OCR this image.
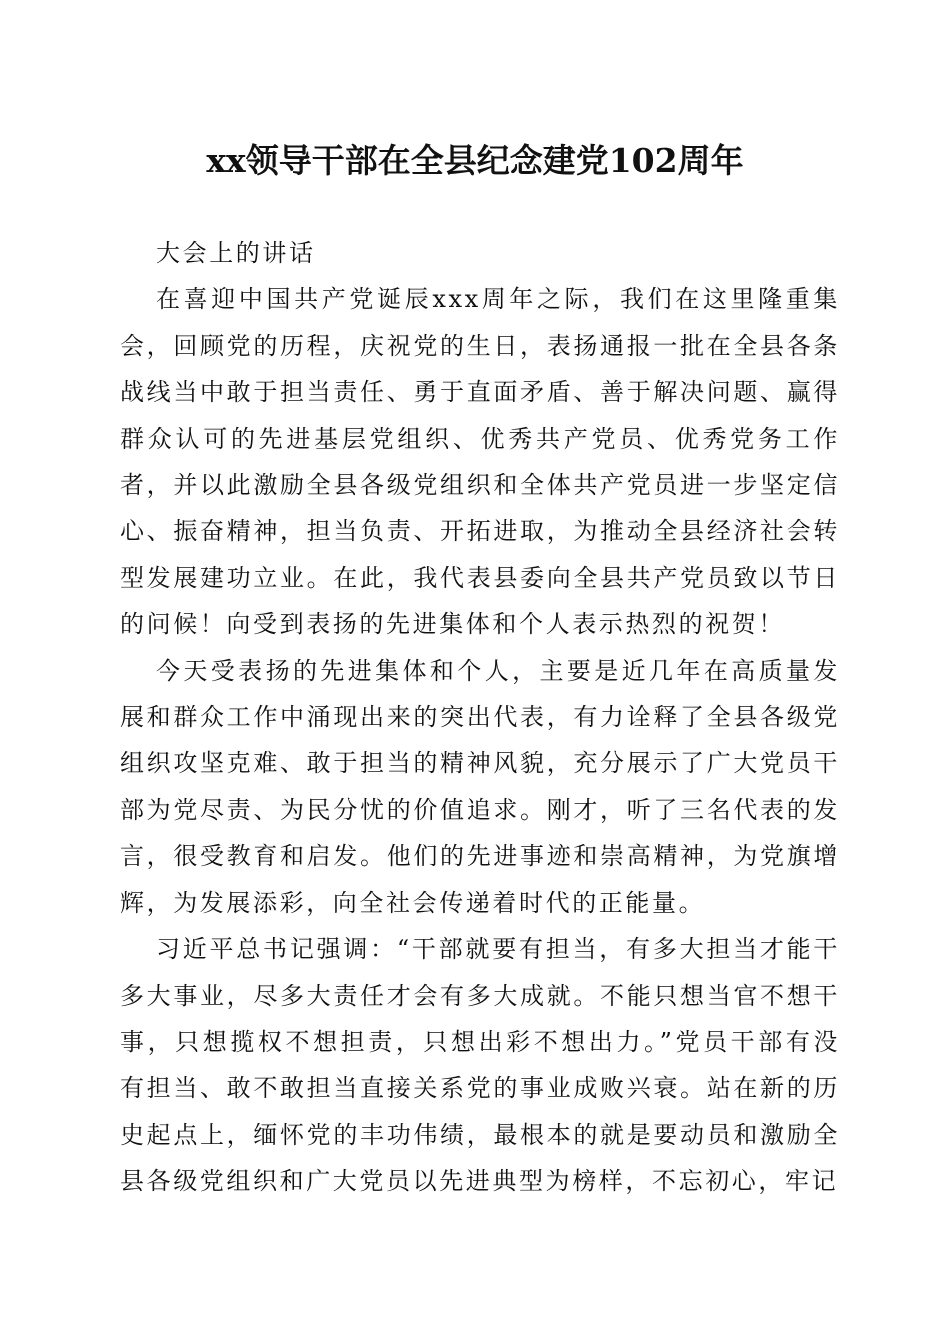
xx领导干部在全县纪念建党102周年

大会上的讲话

在喜迎中国共产党诞辰xxx周年之际，我们在这里隆重集会，回顾党的历程，庆祝党的生日，表扬通报一批在全县各条战线当中敢于担当责任、勇于直面矛盾、善于解决问题、赢得群众认可的先进基层党组织、优秀共产党员、优秀党务工作者，并以此激励全县各级党组织和全体共产党员进一步坚定信心、振奋精神，担当负责、开拓进取，为推动全县经济社会转型发展建功立业。在此，我代表县委向全县共产党员致以节日的问候！向受到表扬的先进集体和个人表示热烈的祝贺！

今天受表扬的先进集体和个人，主要是近几年在高质量发展和群众工作中涌现出来的突出代表，有力诠释了全县各级党组织攻坚克难、敢于担当的精神风貌，充分展示了广大党员干部为党尽责、为民分忧的价值追求。刚才，听了三名代表的发言，很受教育和启发。他们的先进事迹和崇高精神，为党旗增辉，为发展添彩，向全社会传递着时代的正能量。

习近平总书记强调：“干部就要有担当，有多大担当才能干多大事业，尽多大责任才会有多大成就。不能只想当官不想干事，只想揽权不想担责，只想出彩不想出力。”党员干部有没有担当、敢不敢担当直接关系党的事业成败兴衰。站在新的历史起点上，缅怀党的丰功伟绩，最根本的就是要动员和激励全县各级党组织和广大党员以先进典型为榜样，不忘初心，牢记
